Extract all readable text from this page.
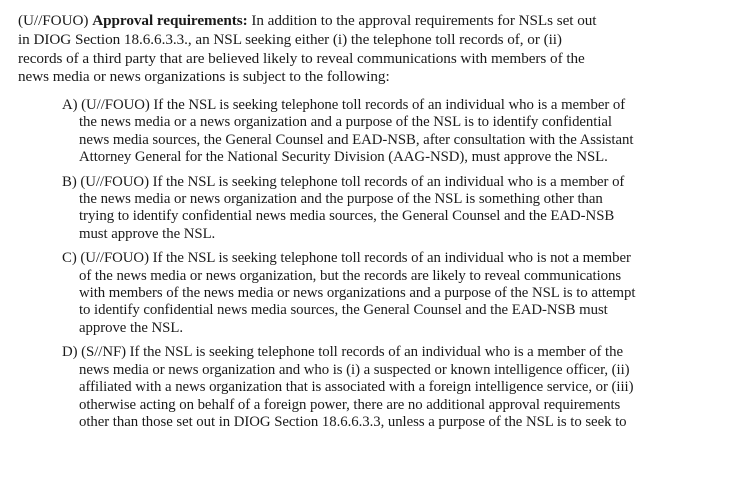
(U//FOUO) Approval requirements: In addition to the approval requirements for NSLs set out
in DIOG Section 18.6.6.3.3., an NSL seeking either (i) the telephone toll records of, or (ii)
records of a third party that are believed likely to reveal communications with members of the
news media or news organizations is subject to the following:
A) (U//FOUO) If the NSL is seeking telephone toll records of an individual who is a member of
the news media or a news organization and a purpose of the NSL is to identify confidential
news media sources, the General Counsel and EAD-NSB, after consultation with the Assistant
Attorney General for the National Security Division (AAG-NSD), must approve the NSL.
B) (U//FOUO) If the NSL is seeking telephone toll records of an individual who is a member of
the news media or news organization and the purpose of the NSL is something other than
trying to identify confidential news media sources, the General Counsel and the EAD-NSB
must approve the NSL.
C) (U//FOUO) If the NSL is seeking telephone toll records of an individual who is not a member
of the news media or news organization, but the records are likely to reveal communications
with members of the news media or news organizations and a purpose of the NSL is to attempt
to identify confidential news media sources, the General Counsel and the EAD-NSB must
approve the NSL.
D) (S//NF) If the NSL is seeking telephone toll records of an individual who is a member of the
news media or news organization and who is (i) a suspected or known intelligence officer, (ii)
affiliated with a news organization that is associated with a foreign intelligence service, or (iii)
otherwise acting on behalf of a foreign power, there are no additional approval requirements
other than those set out in DIOG Section 18.6.6.3.3, unless a purpose of the NSL is to seek to
